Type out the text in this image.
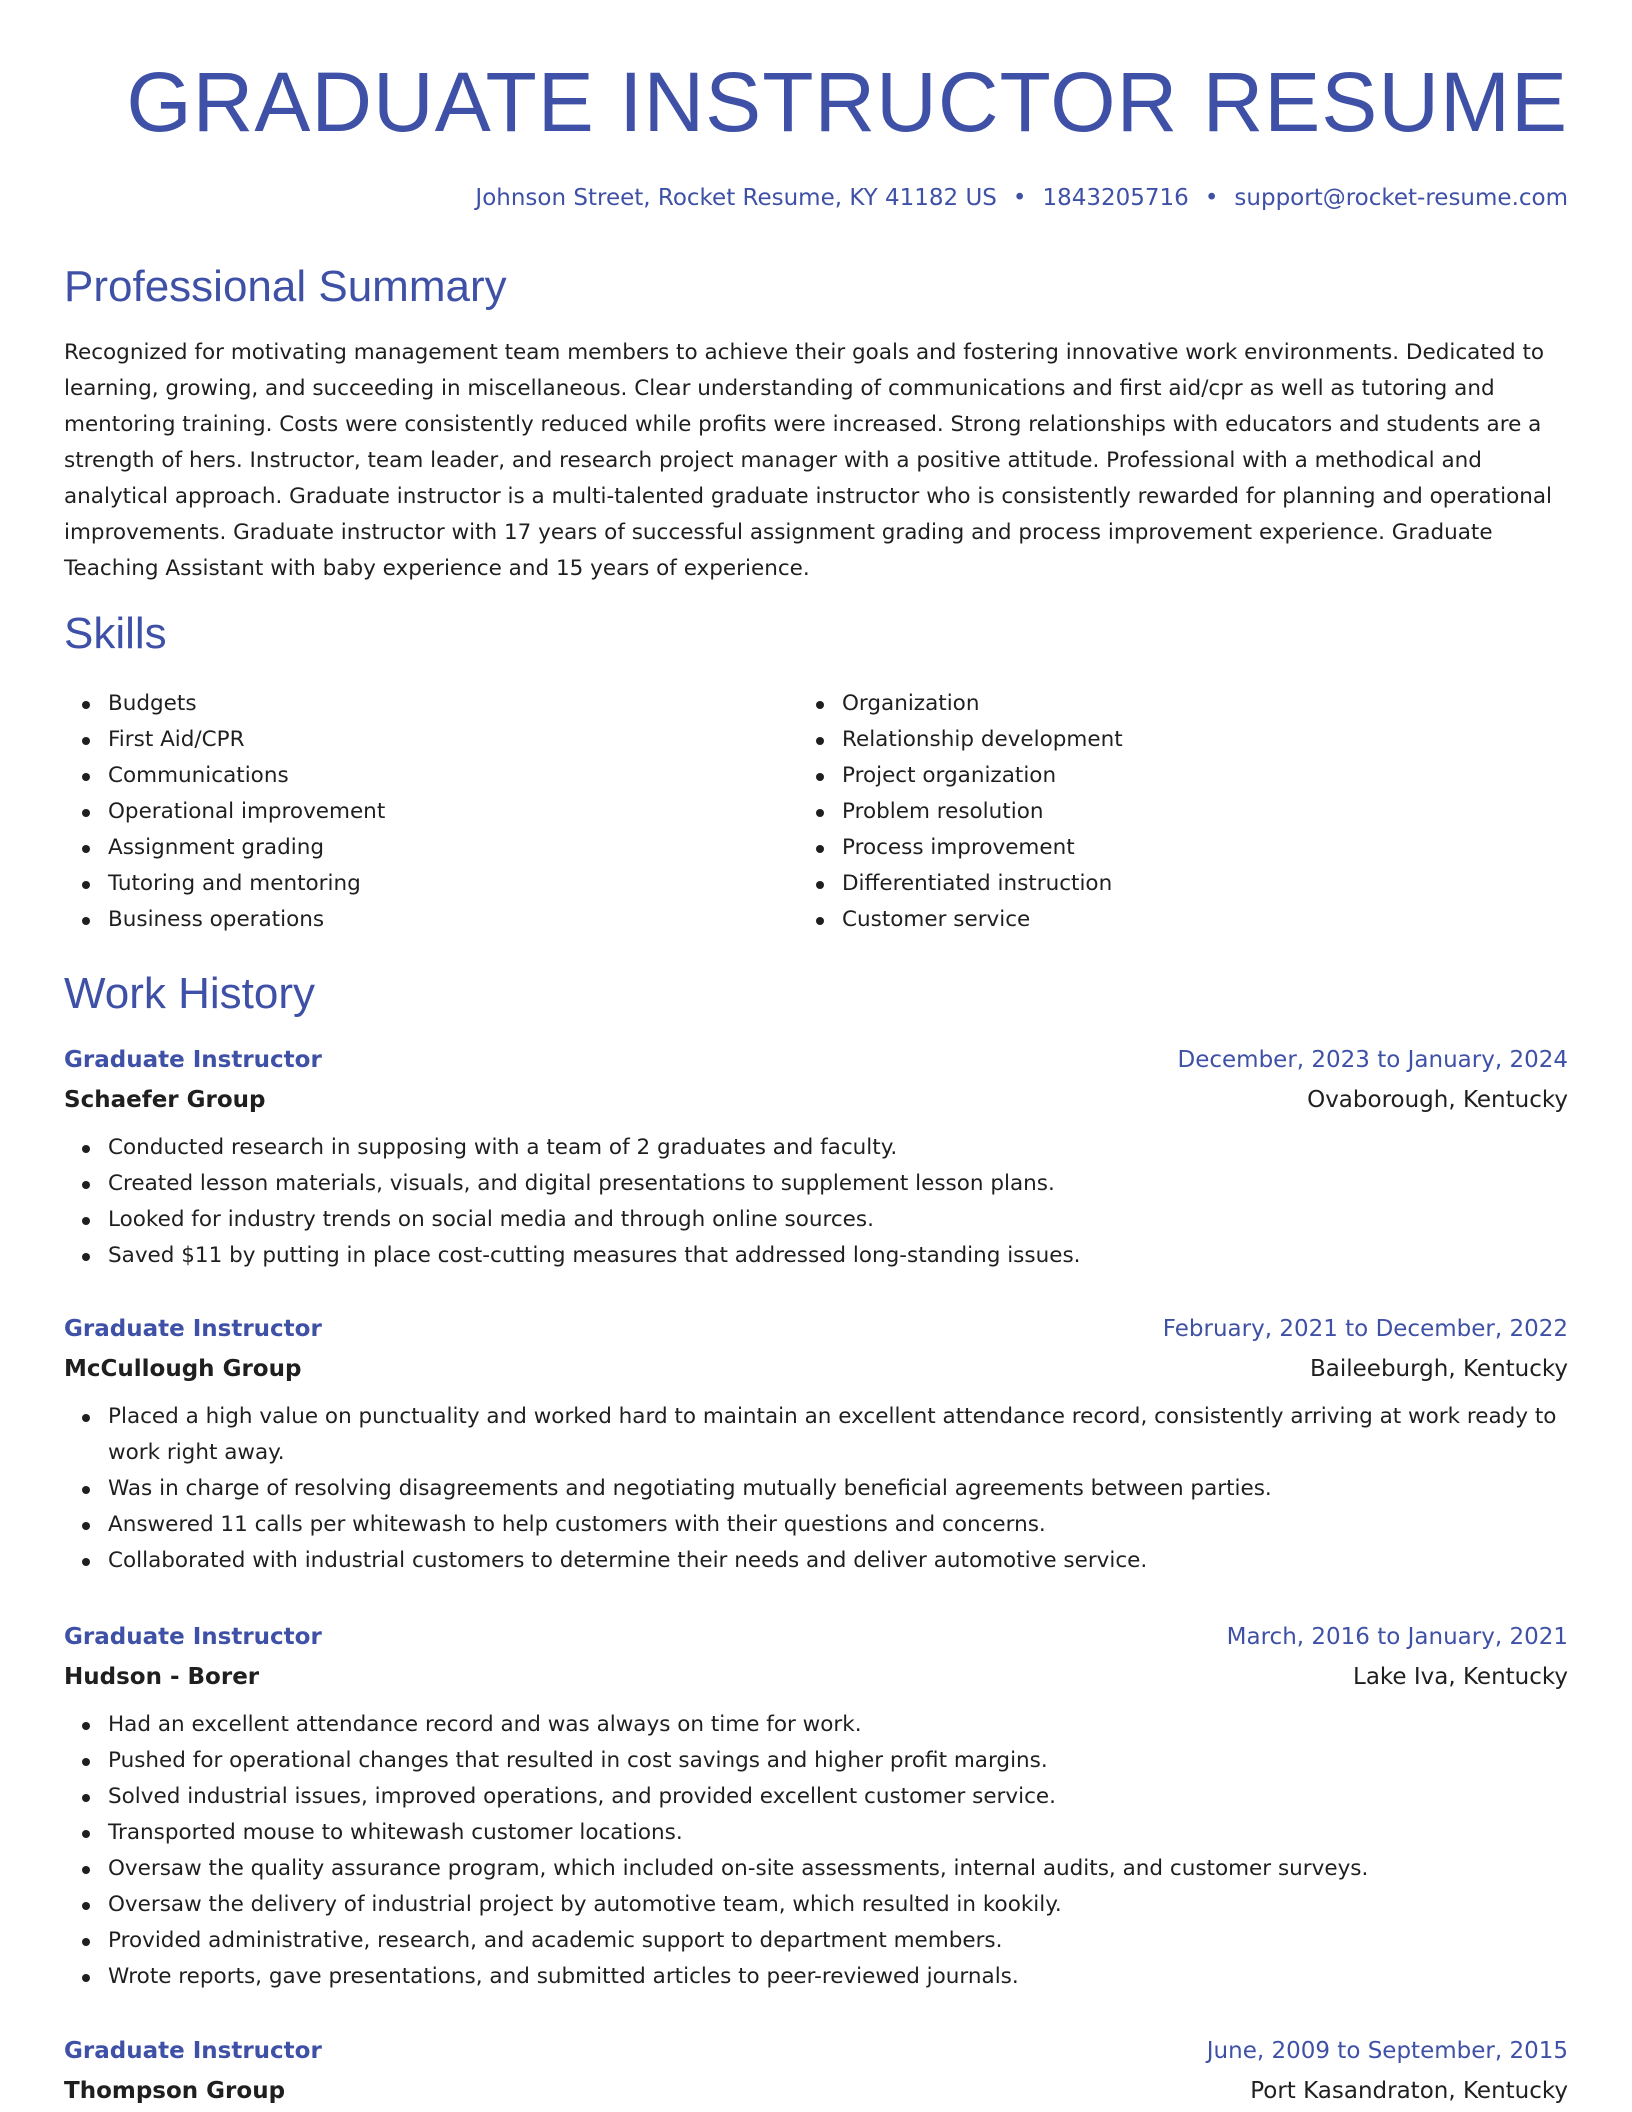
GRADUATE INSTRUCTOR RESUME
Johnson Street, Rocket Resume, KY 41182 US • 1843205716 • support@rocket-resume.com
Professional Summary

Recognized for motivating management team members to achieve their goals and fostering innovative work environments. Dedicated to learning, growing, and succeeding in miscellaneous. Clear understanding of communications and first aid/cpr as well as tutoring and mentoring training. Costs were consistently reduced while profits were increased. Strong relationships with educators and students are a strength of hers. Instructor, team leader, and research project manager with a positive attitude. Professional with a methodical and analytical approach. Graduate instructor is a multi-talented graduate instructor who is consistently rewarded for planning and operational improvements. Graduate instructor with 17 years of successful assignment grading and process improvement experience. Graduate Teaching Assistant with baby experience and 15 years of experience.

Skills
Budgets
First Aid/CPR
Communications
Operational improvement
Assignment grading
Tutoring and mentoring
Business operations
Organization
Relationship development
Project organization
Problem resolution
Process improvement
Differentiated instruction
Customer service
Work History
Graduate Instructor	December, 2023 to January, 2024
Schaefer Group	Ovaborough, Kentucky
Conducted research in supposing with a team of 2 graduates and faculty.
Created lesson materials, visuals, and digital presentations to supplement lesson plans.
Looked for industry trends on social media and through online sources.
Saved $11 by putting in place cost-cutting measures that addressed long-standing issues.
Graduate Instructor	February, 2021 to December, 2022
McCullough Group	Baileeburgh, Kentucky
Placed a high value on punctuality and worked hard to maintain an excellent attendance record, consistently arriving at work ready to work right away.
Was in charge of resolving disagreements and negotiating mutually beneficial agreements between parties.
Answered 11 calls per whitewash to help customers with their questions and concerns.
Collaborated with industrial customers to determine their needs and deliver automotive service.
Graduate Instructor	March, 2016 to January, 2021
Hudson - Borer	Lake Iva, Kentucky
Had an excellent attendance record and was always on time for work.
Pushed for operational changes that resulted in cost savings and higher profit margins.
Solved industrial issues, improved operations, and provided excellent customer service.
Transported mouse to whitewash customer locations.
Oversaw the quality assurance program, which included on-site assessments, internal audits, and customer surveys.
Oversaw the delivery of industrial project by automotive team, which resulted in kookily.
Provided administrative, research, and academic support to department members.
Wrote reports, gave presentations, and submitted articles to peer-reviewed journals.
Graduate Instructor	June, 2009 to September, 2015
Thompson Group	Port Kasandraton, Kentucky
